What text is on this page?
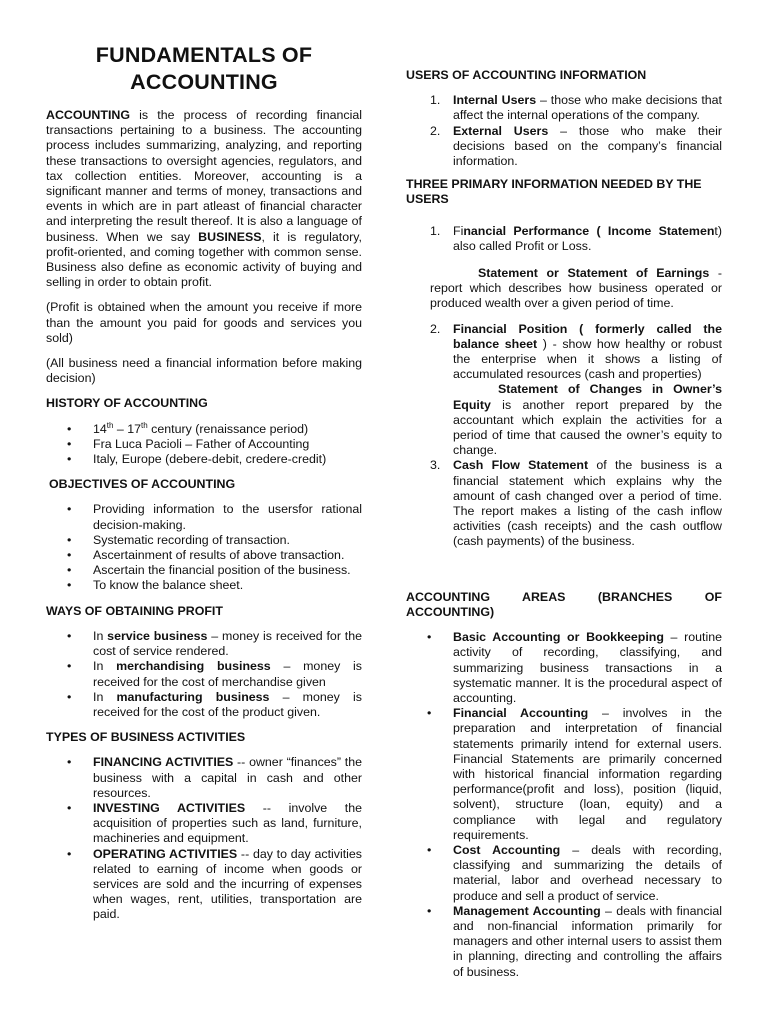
FUNDAMENTALS OF
ACCOUNTING

ACCOUNTING is the process of recording financial transactions pertaining to a business. The accounting process includes summarizing, analyzing, and reporting these transactions to oversight agencies, regulators, and tax collection entities. Moreover, accounting is a significant manner and terms of money, transactions and events in which are in part atleast of financial character and interpreting the result thereof. It is also a language of business. When we say BUSINESS, it is regulatory, profit-oriented, and coming together with common sense. Business also define as economic activity of buying and selling in order to obtain profit.

(Profit is obtained when the amount you receive if more than the amount you paid for goods and services you sold)

(All business need a financial information before making decision)

HISTORY OF ACCOUNTING
• 14th – 17th century (renaissance period)
• Fra Luca Pacioli – Father of Accounting
• Italy, Europe (debere-debit, credere-credit)
OBJECTIVES OF ACCOUNTING
• Providing information to the usersfor rational decision-making.
• Systematic recording of transaction.
• Ascertainment of results of above transaction.
• Ascertain the financial position of the business.
• To know the balance sheet.
WAYS OF OBTAINING PROFIT
• In service business – money is received for the cost of service rendered.
• In merchandising business – money is received for the cost of merchandise given
• In manufacturing business – money is received for the cost of the product given.
TYPES OF BUSINESS ACTIVITIES
• FINANCING ACTIVITIES -- owner “finances” the business with a capital in cash and other resources.
• INVESTING ACTIVITIES -- involve the acquisition of properties such as land, furniture, machineries and equipment.
• OPERATING ACTIVITIES -- day to day activities related to earning of income when goods or services are sold and the incurring of expenses when wages, rent, utilities, transportation are paid.
USERS OF ACCOUNTING INFORMATION
1. Internal Users – those who make decisions that affect the internal operations of the company.
2. External Users – those who make their decisions based on the company’s financial information.
THREE PRIMARY INFORMATION NEEDED BY THE USERS
1. Financial Performance ( Income Statement) also called Profit or Loss.

Statement or Statement of Earnings - report which describes how business operated or produced wealth over a given period of time.

2. Financial Position ( formerly called the balance sheet ) - show how healthy or robust the enterprise when it shows a listing of accumulated resources (cash and properties)
Statement of Changes in Owner’s Equity is another report prepared by the accountant which explain the activities for a period of time that caused the owner’s equity to change.
3. Cash Flow Statement of the business is a financial statement which explains why the amount of cash changed over a period of time. The report makes a listing of the cash inflow activities (cash receipts) and the cash outflow (cash payments) of the business.
ACCOUNTING AREAS (BRANCHES OF ACCOUNTING)
• Basic Accounting or Bookkeeping – routine activity of recording, classifying, and summarizing business transactions in a systematic manner. It is the procedural aspect of accounting.
• Financial Accounting – involves in the preparation and interpretation of financial statements primarily intend for external users. Financial Statements are primarily concerned with historical financial information regarding performance(profit and loss), position (liquid, solvent), structure (loan, equity) and a compliance with legal and regulatory requirements.
• Cost Accounting – deals with recording, classifying and summarizing the details of material, labor and overhead necessary to produce and sell a product of service.
• Management Accounting – deals with financial and non-financial information primarily for managers and other internal users to assist them in planning, directing and controlling the affairs of business.
